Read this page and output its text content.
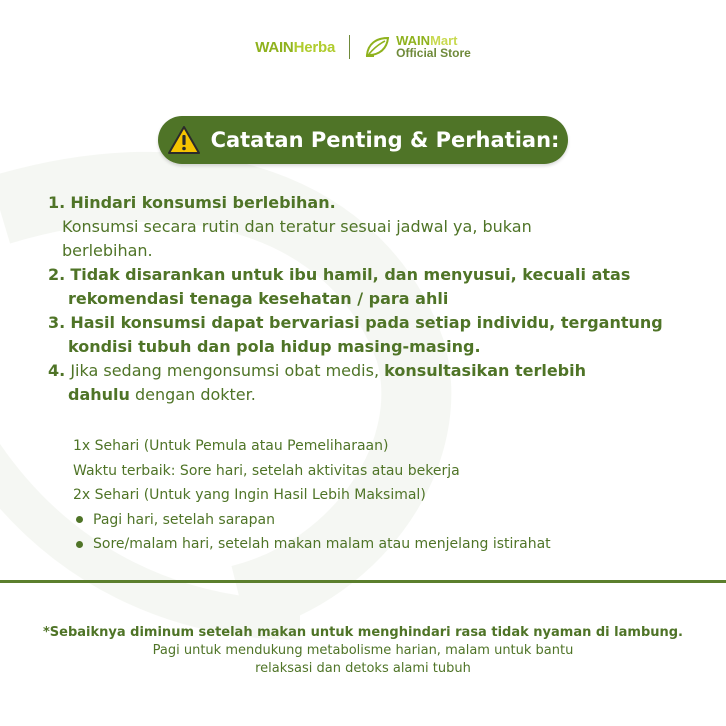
WAINHerba	WAINMart
Official Store
Catatan Penting & Perhatian:
1. Hindari konsumsi berlebihan.
Konsumsi secara rutin dan teratur sesuai jadwal ya, bukan
berlebihan.
2. Tidak disarankan untuk ibu hamil, dan menyusui, kecuali atas
rekomendasi tenaga kesehatan / para ahli
3. Hasil konsumsi dapat bervariasi pada setiap individu, tergantung
kondisi tubuh dan pola hidup masing-masing.
4. Jika sedang mengonsumsi obat medis, konsultasikan terlebih
dahulu dengan dokter.
1x Sehari (Untuk Pemula atau Pemeliharaan)
Waktu terbaik: Sore hari, setelah aktivitas atau bekerja
2x Sehari (Untuk yang Ingin Hasil Lebih Maksimal)
Pagi hari, setelah sarapan
Sore/malam hari, setelah makan malam atau menjelang istirahat
*Sebaiknya diminum setelah makan untuk menghindari rasa tidak nyaman di lambung.
Pagi untuk mendukung metabolisme harian, malam untuk bantu
relaksasi dan detoks alami tubuh
